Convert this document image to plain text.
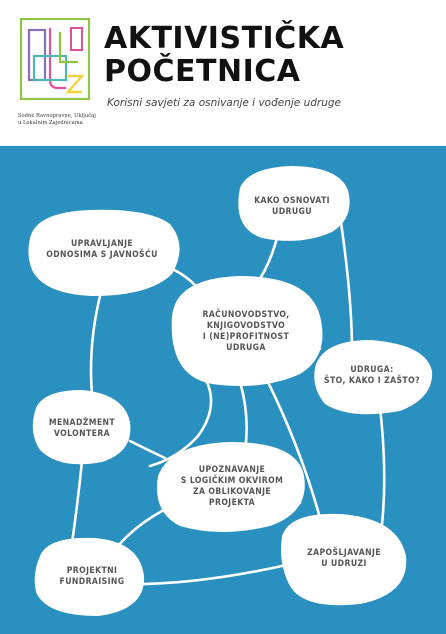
Sodne Ravnopravne, Uključaj
u Lokalnim Zajednicama
AKTIVISTIČKA
POČETNICA
Korisni savjeti za osnivanje i vođenje udruge
KAKO OSNOVATI
UDRUGU
UPRAVLJANJE
ODNOSIMA S JAVNOŠĆU
RAČUNOVODSTVO,
KNJIGOVODSTVO
I (NE)PROFITNOST
UDRUGA
UDRUGA:
ŠTO, KAKO I ZAŠTO?
MENADŽMENT
VOLONTERA
UPOZNAVANJE
S LOGIČKIM OKVIROM
ZA OBLIKOVANJE
PROJEKTA
PROJEKTNI
FUNDRAISING
ZAPOŠLJAVANJE
U UDRUZI
